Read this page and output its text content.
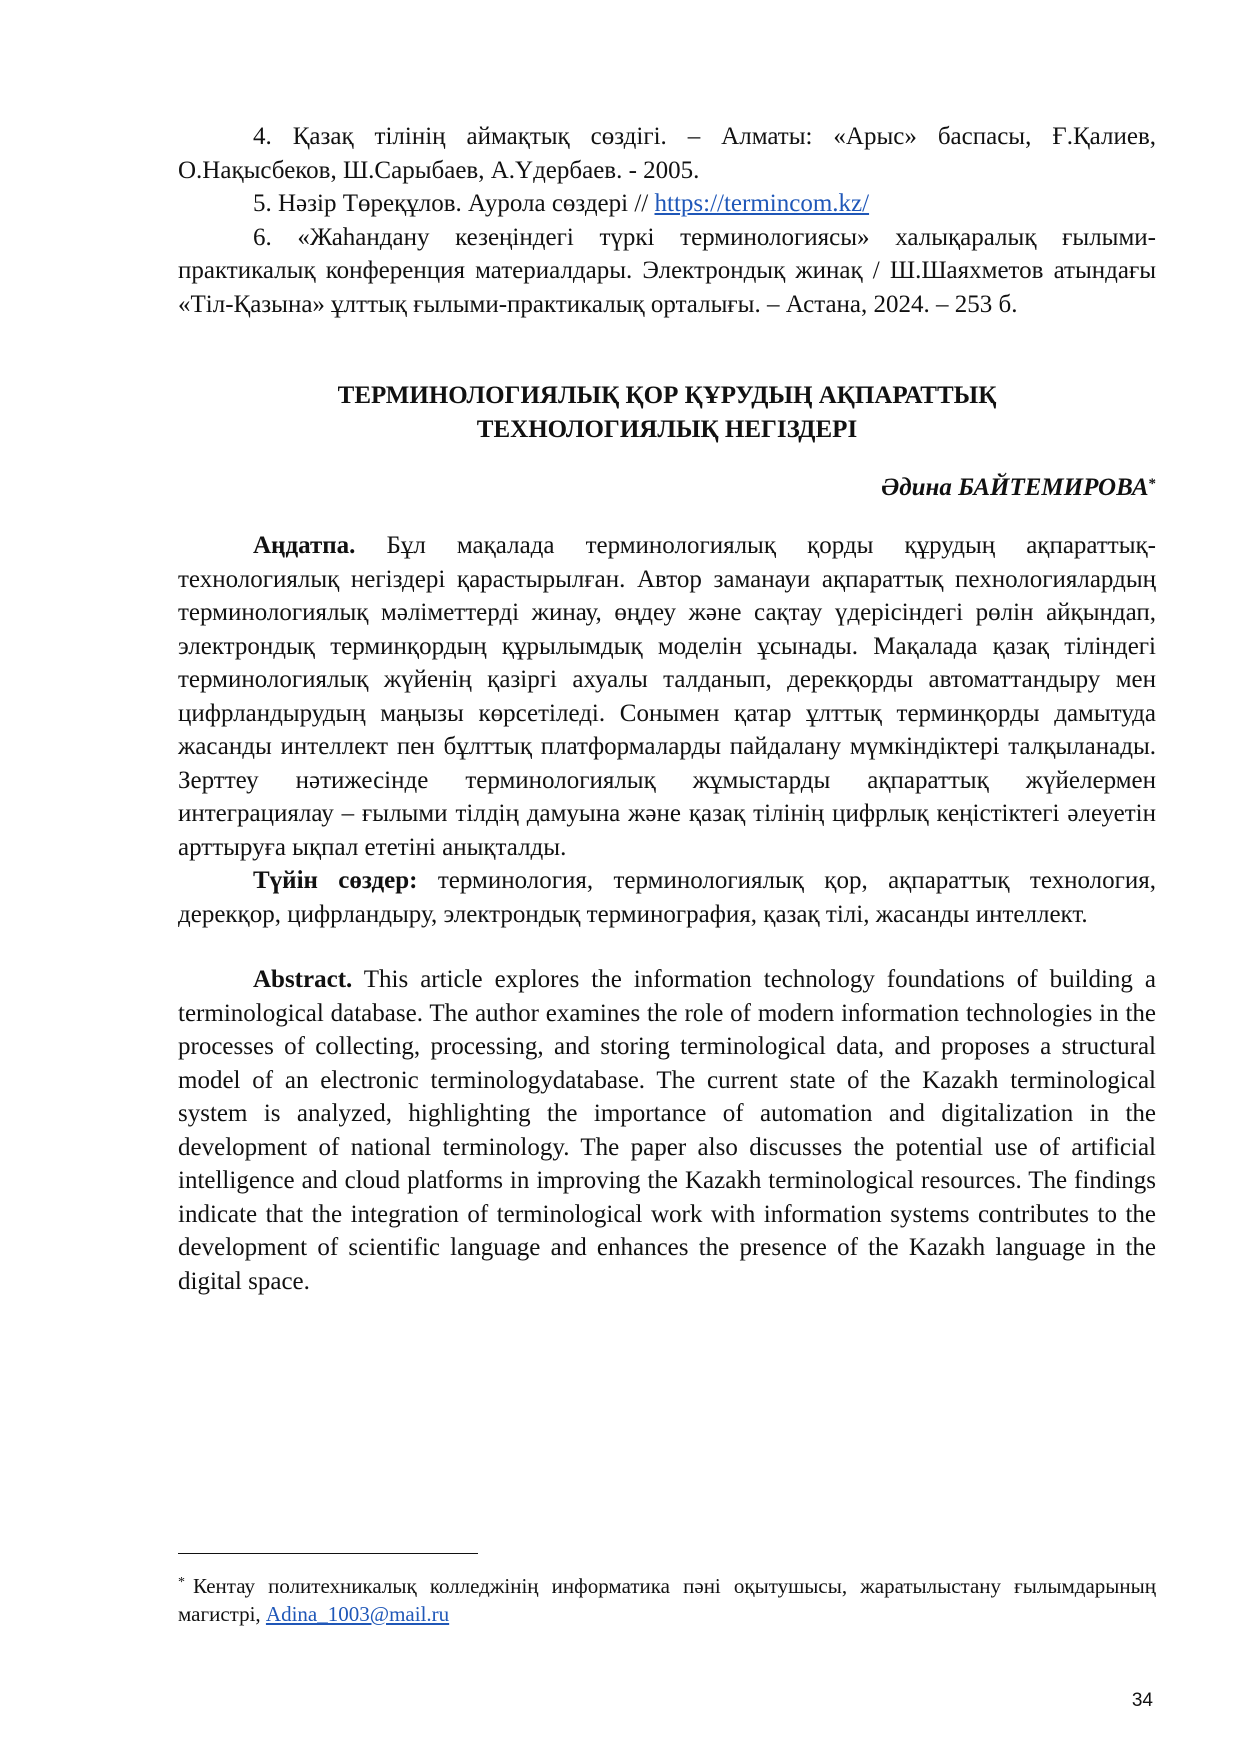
4. Қазақ тілінің аймақтық сөздігі. – Алматы: «Арыс» баспасы, Ғ.Қалиев, О.Нақысбеков, Ш.Сарыбаев, А.Үдербаев. - 2005.

5. Нәзір Төреқұлов. Аурола сөздері // https://termincom.kz/

6. «Жаһандану кезеңіндегі түркі терминологиясы» халықаралық ғылыми-практикалық конференция материалдары. Электрондық жинақ / Ш.Шаяхметов атындағы «Тіл-Қазына» ұлттық ғылыми-практикалық орталығы. – Астана, 2024. – 253 б.

ТЕРМИНОЛОГИЯЛЫҚ ҚОР ҚҰРУДЫҢ АҚПАРАТТЫҚ
ТЕХНОЛОГИЯЛЫҚ НЕГІЗДЕРІ
Әдина БАЙТЕМИРОВА*

Аңдатпа. Бұл мақалада терминологиялық қорды құрудың ақпараттық-технологиялық негіздері қарастырылған. Автор заманауи ақпараттық пехнологиялардың терминологиялық мәліметтерді жинау, өңдеу және сақтау үдерісіндегі рөлін айқындап, электрондық терминқордың құрылымдық моделін ұсынады. Мақалада қазақ тіліндегі терминологиялық жүйенің қазіргі ахуалы талданып, дерекқорды автоматтандыру мен цифрландырудың маңызы көрсетіледі. Сонымен қатар ұлттық терминқорды дамытуда жасанды интеллект пен бұлттық платформаларды пайдалану мүмкіндіктері талқыланады. Зерттеу нәтижесінде терминологиялық жұмыстарды ақпараттық жүйелермен интеграциялау – ғылыми тілдің дамуына және қазақ тілінің цифрлық кеңістіктегі әлеуетін арттыруға ықпал ететіні анықталды.

Түйін сөздер: терминология, терминологиялық қор, ақпараттық технология, дерекқор, цифрландыру, электрондық терминография, қазақ тілі, жасанды интеллект.

Abstract. This article explores the information technology foundations of building a terminological database. The author examines the role of modern information technologies in the processes of collecting, processing, and storing terminological data, and proposes a structural model of an electronic terminologydatabase. The current state of the Kazakh terminological system is analyzed, highlighting the importance of automation and digitalization in the development of national terminology. The paper also discusses the potential use of artificial intelligence and cloud platforms in improving the Kazakh terminological resources. The findings indicate that the integration of terminological work with information systems contributes to the development of scientific language and enhances the presence of the Kazakh language in the digital space.

* Кентау политехникалық колледжінің информатика пәні оқытушысы, жаратылыстану ғылымдарының магистрі, Adina_1003@mail.ru

34
